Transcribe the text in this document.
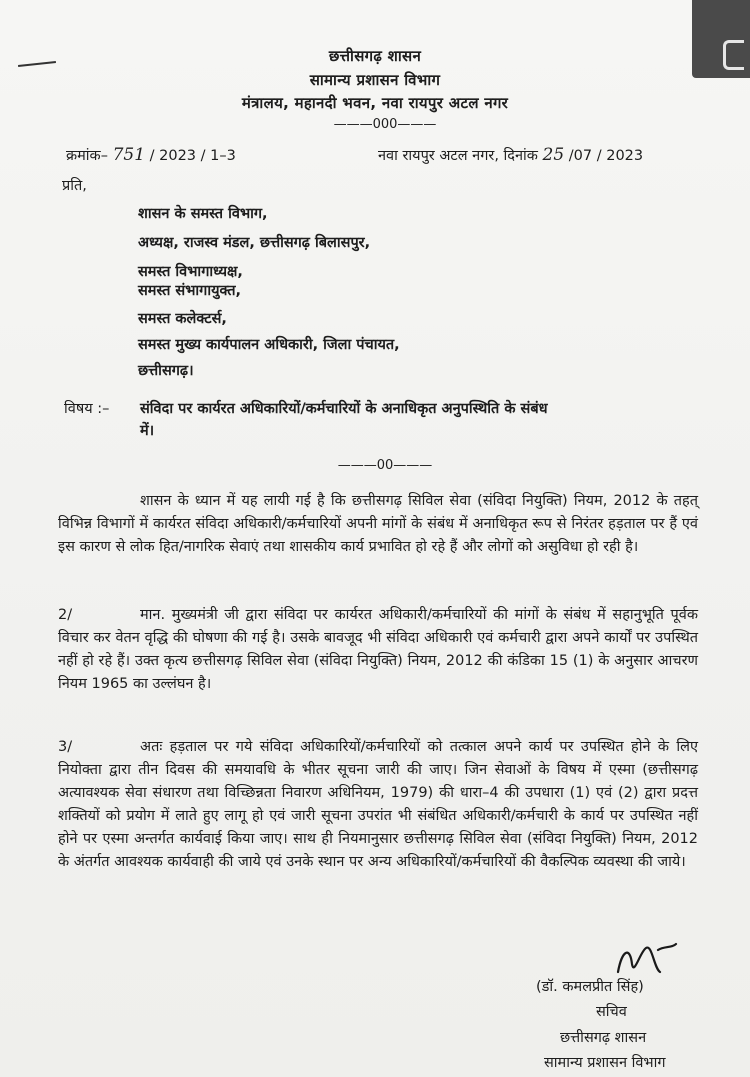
छत्तीसगढ़ शासन
सामान्य प्रशासन विभाग
मंत्रालय, महानदी भवन, नवा रायपुर अटल नगर
———000———
क्रमांक– 751 / 2023 / 1–3	नवा रायपुर अटल नगर, दिनांक 25 /07 / 2023
प्रति,
शासन के समस्त विभाग,
अध्यक्ष, राजस्व मंडल, छत्तीसगढ़ बिलासपुर,
समस्त विभागाध्यक्ष,
समस्त संभागायुक्त,
समस्त कलेक्टर्स,
समस्त मुख्य कार्यपालन अधिकारी, जिला पंचायत,
छत्तीसगढ़।
विषय :– संविदा पर कार्यरत अधिकारियों/कर्मचारियों के अनाधिकृत अनुपस्थिति के संबंध
में।
———00———

शासन के ध्यान में यह लायी गई है कि छत्तीसगढ़ सिविल सेवा (संविदा नियुक्ति) नियम, 2012 के तहत् विभिन्न विभागों में कार्यरत संविदा अधिकारी/कर्मचारियों अपनी मांगों के संबंध में अनाधिकृत रूप से निरंतर हड़ताल पर हैं एवं इस कारण से लोक हित/नागरिक सेवाएं तथा शासकीय कार्य प्रभावित हो रहे हैं और लोगों को असुविधा हो रही है।

2/	मान. मुख्यमंत्री जी द्वारा संविदा पर कार्यरत अधिकारी/कर्मचारियों की मांगों के संबंध में सहानुभूति पूर्वक विचार कर वेतन वृद्धि की घोषणा की गई है। उसके बावजूद भी संविदा अधिकारी एवं कर्मचारी द्वारा अपने कार्यों पर उपस्थित नहीं हो रहे हैं। उक्त कृत्य छत्तीसगढ़ सिविल सेवा (संविदा नियुक्ति) नियम, 2012 की कंडिका 15 (1) के अनुसार आचरण नियम 1965 का उल्लंघन है।

3/	अतः हड़ताल पर गये संविदा अधिकारियों/कर्मचारियों को तत्काल अपने कार्य पर उपस्थित होने के लिए नियोक्ता द्वारा तीन दिवस की समयावधि के भीतर सूचना जारी की जाए। जिन सेवाओं के विषय में एस्मा (छत्तीसगढ़ अत्यावश्यक सेवा संधारण तथा विच्छिन्नता निवारण अधिनियम, 1979) की धारा–4 की उपधारा (1) एवं (2) द्वारा प्रदत्त शक्तियों को प्रयोग में लाते हुए लागू हो एवं जारी सूचना उपरांत भी संबंधित अधिकारी/कर्मचारी के कार्य पर उपस्थित नहीं होने पर एस्मा अन्तर्गत कार्यवाई किया जाए। साथ ही नियमानुसार छत्तीसगढ़ सिविल सेवा (संविदा नियुक्ति) नियम, 2012 के अंतर्गत आवश्यक कार्यवाही की जाये एवं उनके स्थान पर अन्य अधिकारियों/कर्मचारियों की वैकल्पिक व्यवस्था की जाये।

(डॉ. कमलप्रीत सिंह)
सचिव
छत्तीसगढ़ शासन
सामान्य प्रशासन विभाग
